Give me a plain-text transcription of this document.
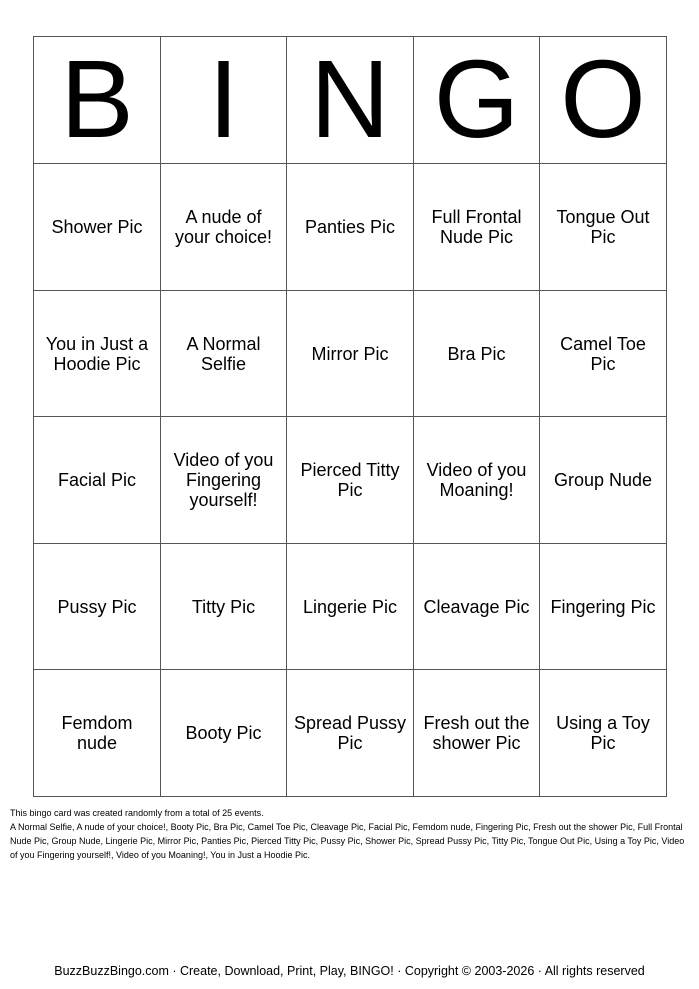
B	I	N	G	O
Shower Pic	A nude of your choice!	Panties Pic	Full Frontal Nude Pic	Tongue Out Pic
You in Just a Hoodie Pic	A Normal Selfie	Mirror Pic	Bra Pic	Camel Toe Pic
Facial Pic	Video of you Fingering yourself!	Pierced Titty Pic	Video of you Moaning!	Group Nude
Pussy Pic	Titty Pic	Lingerie Pic	Cleavage Pic	Fingering Pic
Femdom nude	Booty Pic	Spread Pussy Pic	Fresh out the shower Pic	Using a Toy Pic

This bingo card was created randomly from a total of 25 events.

A Normal Selfie, A nude of your choice!, Booty Pic, Bra Pic, Camel Toe Pic, Cleavage Pic, Facial Pic, Femdom nude, Fingering Pic, Fresh out the shower Pic, Full Frontal Nude Pic, Group Nude, Lingerie Pic, Mirror Pic, Panties Pic, Pierced Titty Pic, Pussy Pic, Shower Pic, Spread Pussy Pic, Titty Pic, Tongue Out Pic, Using a Toy Pic, Video of you Fingering yourself!, Video of you Moaning!, You in Just a Hoodie Pic.

BuzzBuzzBingo.com · Create, Download, Print, Play, BINGO! · Copyright © 2003-2026 · All rights reserved
